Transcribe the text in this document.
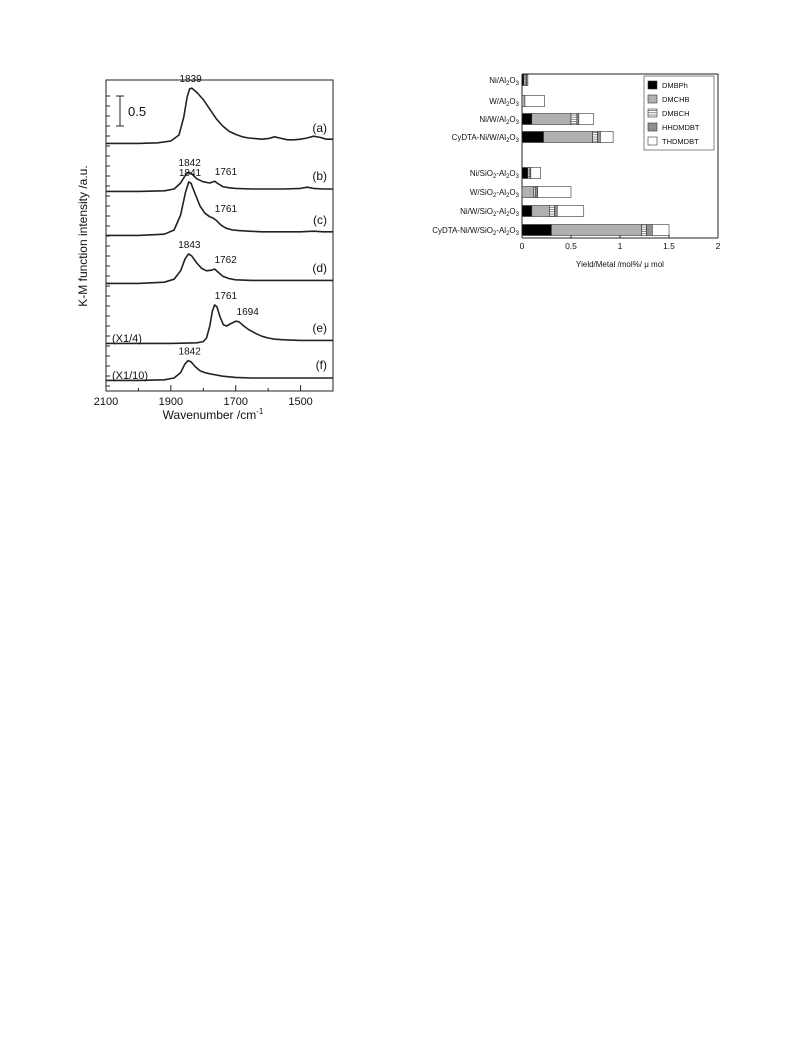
2100	1900	1700	1500
(a)
1839
(b)
1842
1761
(c)
1841
1761
(d)
1843
1762
(e)
(X1/4)
1761
1694
(f)
(X1/10)
1842
0.5
K-M function intensity /a.u.
Wavenumber $/cm^{-1}$
0	0.5	1	1.5	2
$Ni/Al_2O_3$
$W/Al_2O_3$
$Ni/W/Al_2O_3$
CyDTA-$Ni/W/Al_2O_3$
$Ni/SiO_2-Al_2O_3$
$W/SiO_2-Al_2O_3$
$Ni/W/SiO_2-Al_2O_3$
CyDTA-$Ni/W/SiO_2-Al_2O_3$
DMBPh
DMCHB
DMBCH
HHDMDBT
THDMDBT
Yield/Metal /mol%/ μ mol
